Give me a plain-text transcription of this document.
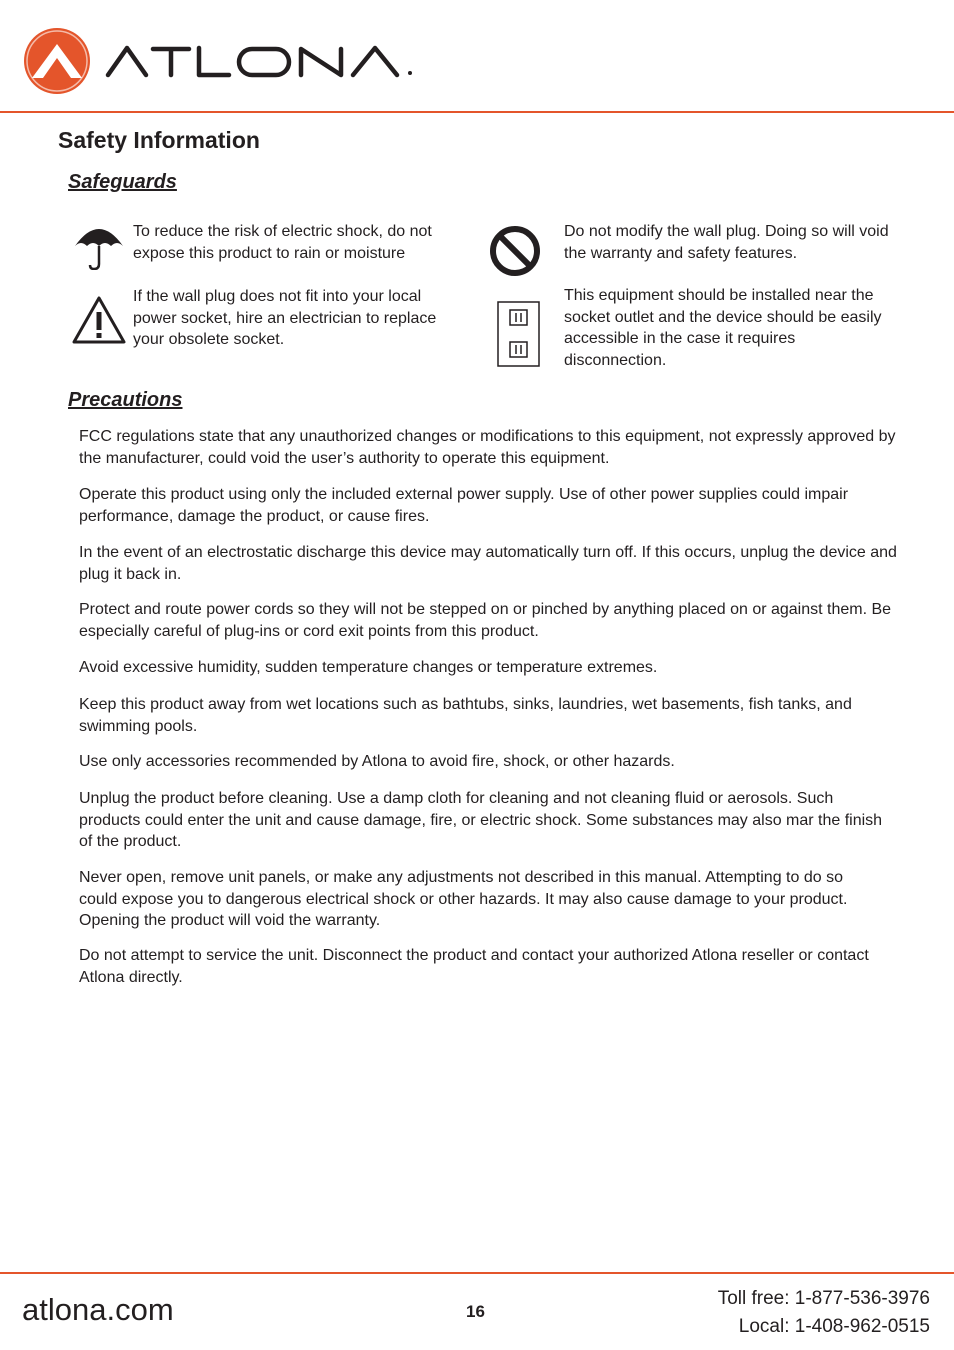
Safety Information
Safeguards
To reduce the risk of electric shock, do not expose this product to rain or moisture
Do not modify the wall plug. Doing so will void the warranty and safety features.
If the wall plug does not fit into your local power socket, hire an electrician to replace your obsolete socket.
This equipment should be installed near the socket outlet and the device should be easily accessible in the case it requires disconnection.
Precautions

FCC regulations state that any unauthorized changes or modifications to this equipment, not expressly approved by the manufacturer, could void the user’s authority to operate this equipment.

Operate this product using only the included external power supply. Use of other power supplies could impair performance, damage the product, or cause fires.

In the event of an electrostatic discharge this device may automatically turn off. If this occurs, unplug the device and plug it back in.

Protect and route power cords so they will not be stepped on or pinched by anything placed on or against them. Be especially careful of plug-ins or cord exit points from this product.

Avoid excessive humidity, sudden temperature changes or temperature extremes.

Keep this product away from wet locations such as bathtubs, sinks, laundries, wet basements, fish tanks, and swimming pools.

Use only accessories recommended by Atlona to avoid fire, shock, or other hazards.

Unplug the product before cleaning. Use a damp cloth for cleaning and not cleaning fluid or aerosols. Such products could enter the unit and cause damage, fire, or electric shock. Some substances may also mar the finish of the product.

Never open, remove unit panels, or make any adjustments not described in this manual. Attempting to do so could expose you to dangerous electrical shock or other hazards. It may also cause damage to your product. Opening the product will void the warranty.

Do not attempt to service the unit. Disconnect the product and contact your authorized Atlona reseller or contact Atlona directly.

atlona.com	16
Toll free: 1-877-536-3976
Local: 1-408-962-0515
